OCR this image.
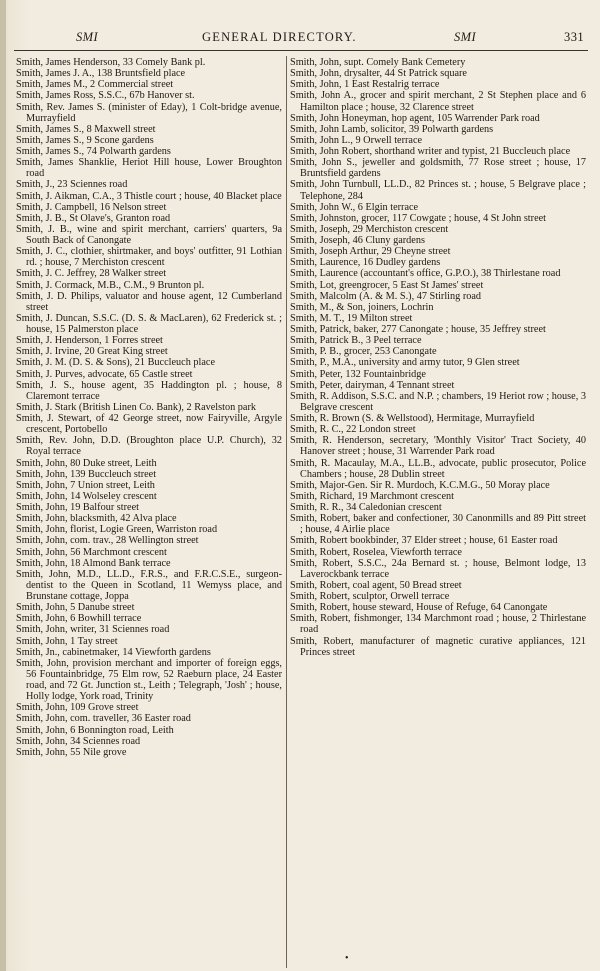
SMI	GENERAL DIRECTORY.	SMI	331
Smith, James Henderson, 33 Comely Bank pl.
Smith, James J. A., 138 Bruntsfield place
Smith, James M., 2 Commercial street
Smith, James Ross, S.S.C., 67b Hanover st.
Smith, Rev. James S. (minister of Eday), 1 Colt-bridge avenue, Murrayfield
Smith, James S., 8 Maxwell street
Smith, James S., 9 Scone gardens
Smith, James S., 74 Polwarth gardens
Smith, James Shanklie, Heriot Hill house, Lower Broughton road
Smith, J., 23 Sciennes road
Smith, J. Aikman, C.A., 3 Thistle court ; house, 40 Blacket place
Smith, J. Campbell, 16 Nelson street
Smith, J. B., St Olave's, Granton road
Smith, J. B., wine and spirit merchant, carriers' quarters, 9a South Back of Canongate
Smith, J. C., clothier, shirtmaker, and boys' outfitter, 91 Lothian rd. ; house, 7 Merchiston crescent
Smith, J. C. Jeffrey, 28 Walker street
Smith, J. Cormack, M.B., C.M., 9 Brunton pl.
Smith, J. D. Philips, valuator and house agent, 12 Cumberland street
Smith, J. Duncan, S.S.C. (D. S. & MacLaren), 62 Frederick st. ; house, 15 Palmerston place
Smith, J. Henderson, 1 Forres street
Smith, J. Irvine, 20 Great King street
Smith, J. M. (D. S. & Sons), 21 Buccleuch place
Smith, J. Purves, advocate, 65 Castle street
Smith, J. S., house agent, 35 Haddington pl. ; house, 8 Claremont terrace
Smith, J. Stark (British Linen Co. Bank), 2 Ravelston park
Smith, J. Stewart, of 42 George street, now Fairyville, Argyle crescent, Portobello
Smith, Rev. John, D.D. (Broughton place U.P. Church), 32 Royal terrace
Smith, John, 80 Duke street, Leith
Smith, John, 139 Buccleuch street
Smith, John, 7 Union street, Leith
Smith, John, 14 Wolseley crescent
Smith, John, 19 Balfour street
Smith, John, blacksmith, 42 Alva place
Smith, John, florist, Logie Green, Warriston road
Smith, John, com. trav., 28 Wellington street
Smith, John, 56 Marchmont crescent
Smith, John, 18 Almond Bank terrace
Smith, John, M.D., LL.D., F.R.S., and F.R.C.S.E., surgeon-dentist to the Queen in Scotland, 11 Wemyss place, and Brunstane cottage, Joppa
Smith, John, 5 Danube street
Smith, John, 6 Bowhill terrace
Smith, John, writer, 31 Sciennes road
Smith, John, 1 Tay street
Smith, Jn., cabinetmaker, 14 Viewforth gardens
Smith, John, provision merchant and importer of foreign eggs, 56 Fountainbridge, 75 Elm row, 52 Raeburn place, 24 Easter road, and 72 Gt. Junction st., Leith ; Telegraph, 'Josh' ; house, Holly lodge, York road, Trinity
Smith, John, 109 Grove street
Smith, John, com. traveller, 36 Easter road
Smith, John, 6 Bonnington road, Leith
Smith, John, 34 Sciennes road
Smith, John, 55 Nile grove
Smith, John, supt. Comely Bank Cemetery
Smith, John, drysalter, 44 St Patrick square
Smith, John, 1 East Restalrig terrace
Smith, John A., grocer and spirit merchant, 2 St Stephen place and 6 Hamilton place ; house, 32 Clarence street
Smith, John Honeyman, hop agent, 105 Warrender Park road
Smith, John Lamb, solicitor, 39 Polwarth gardens
Smith, John L., 9 Orwell terrace
Smith, John Robert, shorthand writer and typist, 21 Buccleuch place
Smith, John S., jeweller and goldsmith, 77 Rose street ; house, 17 Bruntsfield gardens
Smith, John Turnbull, LL.D., 82 Princes st. ; house, 5 Belgrave place ; Telephone, 284
Smith, John W., 6 Elgin terrace
Smith, Johnston, grocer, 117 Cowgate ; house, 4 St John street
Smith, Joseph, 29 Merchiston crescent
Smith, Joseph, 46 Cluny gardens
Smith, Joseph Arthur, 29 Cheyne street
Smith, Laurence, 16 Dudley gardens
Smith, Laurence (accountant's office, G.P.O.), 38 Thirlestane road
Smith, Lot, greengrocer, 5 East St James' street
Smith, Malcolm (A. & M. S.), 47 Stirling road
Smith, M., & Son, joiners, Lochrin
Smith, M. T., 19 Milton street
Smith, Patrick, baker, 277 Canongate ; house, 35 Jeffrey street
Smith, Patrick B., 3 Peel terrace
Smith, P. B., grocer, 253 Canongate
Smith, P., M.A., university and army tutor, 9 Glen street
Smith, Peter, 132 Fountainbridge
Smith, Peter, dairyman, 4 Tennant street
Smith, R. Addison, S.S.C. and N.P. ; chambers, 19 Heriot row ; house, 3 Belgrave crescent
Smith, R. Brown (S. & Wellstood), Hermitage, Murrayfield
Smith, R. C., 22 London street
Smith, R. Henderson, secretary, 'Monthly Visitor' Tract Society, 40 Hanover street ; house, 31 Warrender Park road
Smith, R. Macaulay, M.A., LL.B., advocate, public prosecutor, Police Chambers ; house, 28 Dublin street
Smith, Major-Gen. Sir R. Murdoch, K.C.M.G., 50 Moray place
Smith, Richard, 19 Marchmont crescent
Smith, R. R., 34 Caledonian crescent
Smith, Robert, baker and confectioner, 30 Canonmills and 89 Pitt street ; house, 4 Airlie place
Smith, Robert bookbinder, 37 Elder street ; house, 61 Easter road
Smith, Robert, Roselea, Viewforth terrace
Smith, Robert, S.S.C., 24a Bernard st. ; house, Belmont lodge, 13 Laverockbank terrace
Smith, Robert, coal agent, 50 Bread street
Smith, Robert, sculptor, Orwell terrace
Smith, Robert, house steward, House of Refuge, 64 Canongate
Smith, Robert, fishmonger, 134 Marchmont road ; house, 2 Thirlestane road
Smith, Robert, manufacturer of magnetic curative appliances, 121 Princes street
•
